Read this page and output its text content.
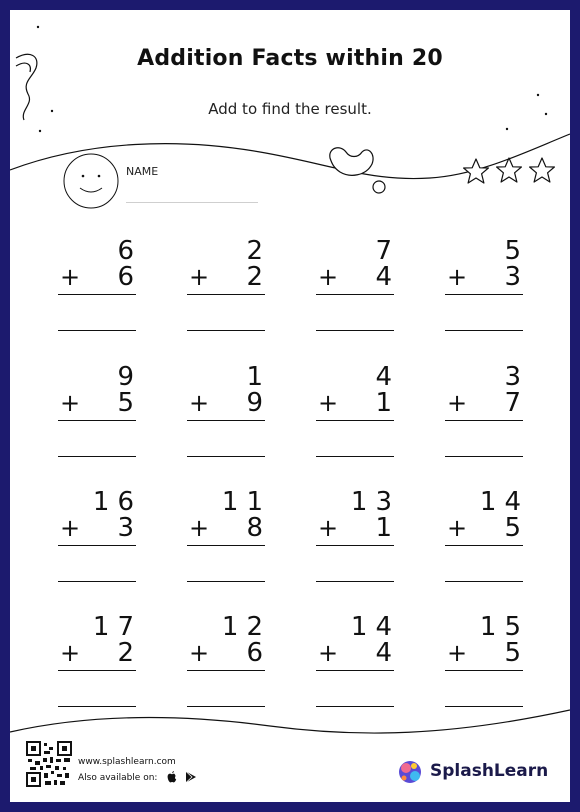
Addition Facts within 20
Add to find the result.
NAME
6
+ 6
2
+ 2
7
+ 4
5
+ 3
9
+ 5
1
+ 9
4
+ 1
3
+ 7
16
+ 3
11
+ 8
13
+ 1
14
+ 5
17
+ 2
12
+ 6
14
+ 4
15
+ 5
www.splashlearn.com
Also available on:	SplashLearn
